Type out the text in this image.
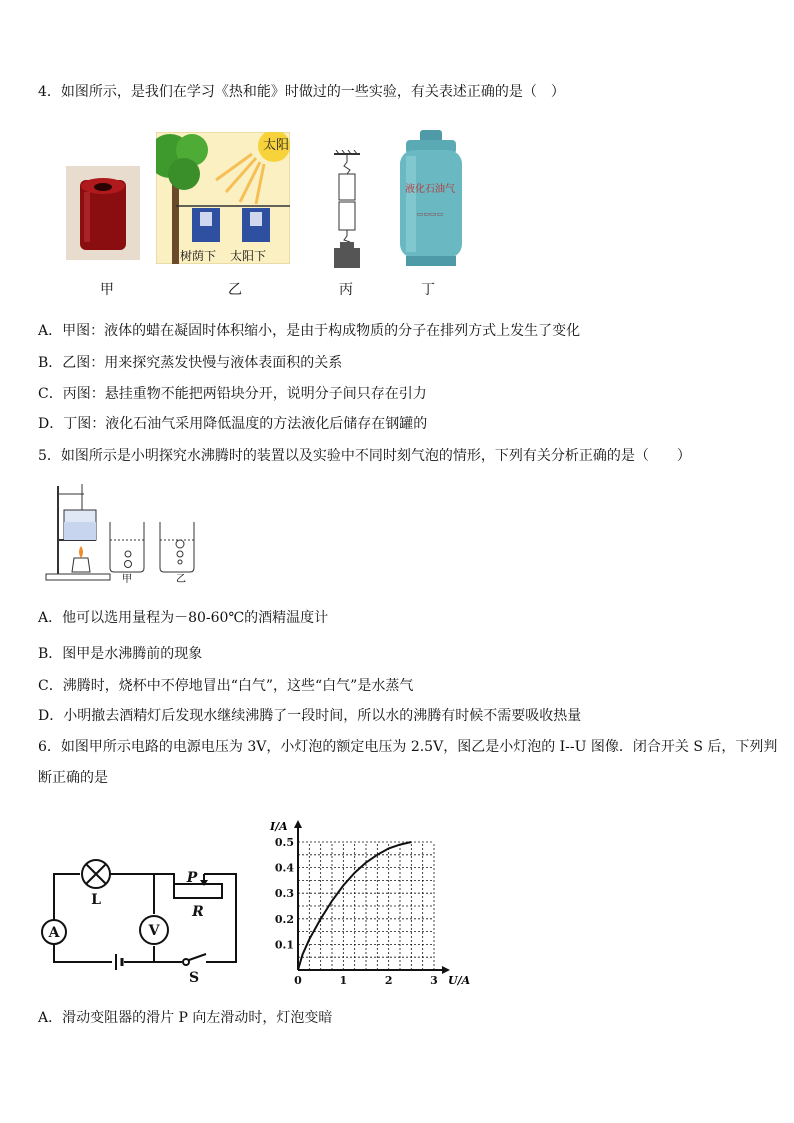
4．如图所示，是我们在学习《热和能》时做过的一些实验，有关表述正确的是（　）
太阳
树荫下 太阳下
液化石油气
▭▭▭▭
甲	乙	丙	丁
A．甲图：液体的蜡在凝固时体积缩小，是由于构成物质的分子在排列方式上发生了变化
B．乙图：用来探究蒸发快慢与液体表面积的关系
C．丙图：悬挂重物不能把两铅块分开，说明分子间只存在引力
D．丁图：液化石油气采用降低温度的方法液化后储存在钢罐的
5．如图所示是小明探究水沸腾时的装置以及实验中不同时刻气泡的情形，下列有关分析正确的是（　　）
甲	乙
A．他可以选用量程为－80-60℃的酒精温度计
B．图甲是水沸腾前的现象
C．沸腾时，烧杯中不停地冒出“白气”，这些“白气”是水蒸气
D．小明撤去酒精灯后发现水继续沸腾了一段时间，所以水的沸腾有时候不需要吸收热量
6．如图甲所示电路的电源电压为 3V，小灯泡的额定电压为 2.5V，图乙是小灯泡的 I--U 图像．闭合开关 S 后，下列判
断正确的是
A
L
V
P
R
S	0	1	2	3
0.1
0.2
0.3
0.4
0.5
I/A
U/A
A．滑动变阻器的滑片 P 向左滑动时，灯泡变暗
